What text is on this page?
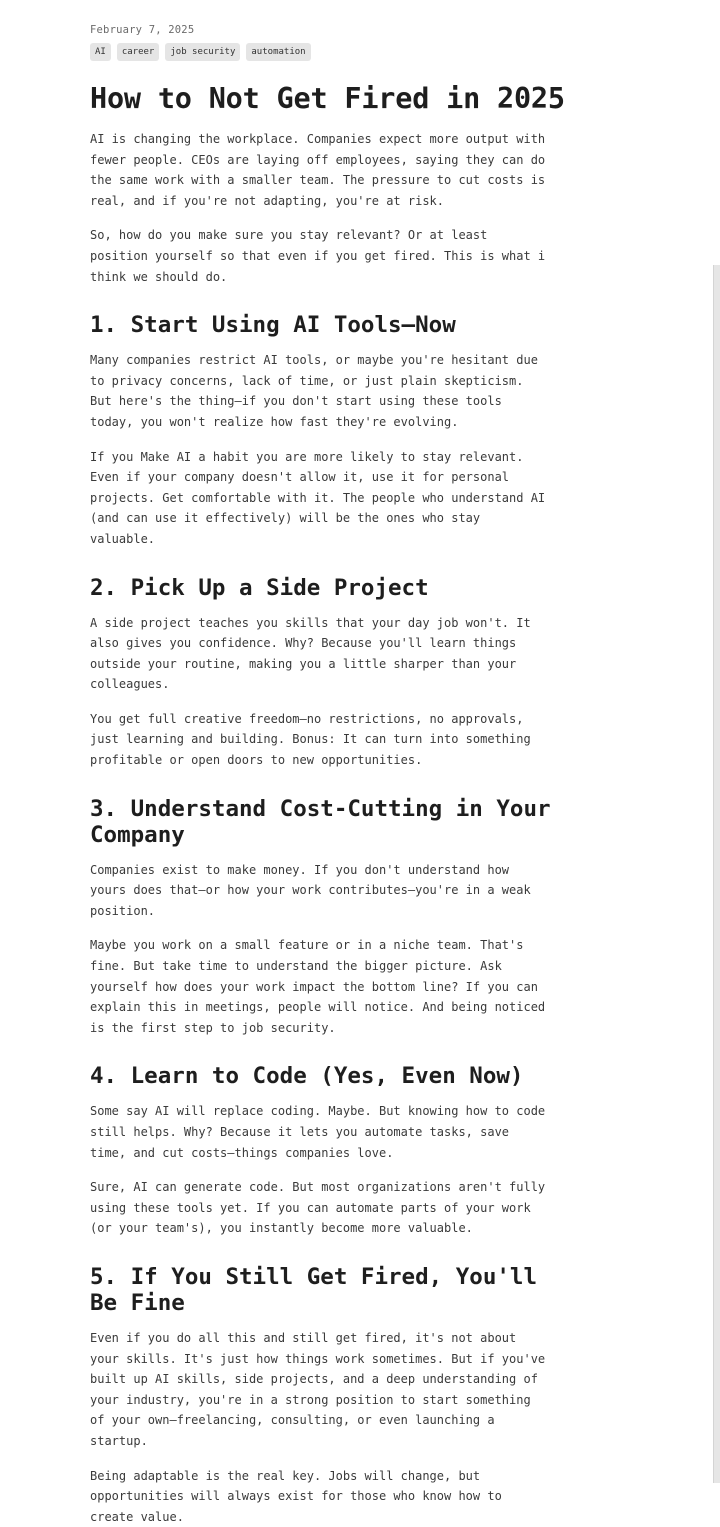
February 7, 2025
AI	career	job security	automation
How to Not Get Fired in 2025

AI is changing the workplace. Companies expect more output with fewer people. CEOs are laying off employees, saying they can do the same work with a smaller team. The pressure to cut costs is real, and if you're not adapting, you're at risk.

So, how do you make sure you stay relevant? Or at least position yourself so that even if you get fired. This is what i think we should do.

1. Start Using AI Tools—Now

Many companies restrict AI tools, or maybe you're hesitant due to privacy concerns, lack of time, or just plain skepticism. But here's the thing—if you don't start using these tools today, you won't realize how fast they're evolving.

If you Make AI a habit you are more likely to stay relevant. Even if your company doesn't allow it, use it for personal projects. Get comfortable with it. The people who understand AI (and can use it effectively) will be the ones who stay valuable.

2. Pick Up a Side Project

A side project teaches you skills that your day job won't. It also gives you confidence. Why? Because you'll learn things outside your routine, making you a little sharper than your colleagues.

You get full creative freedom—no restrictions, no approvals, just learning and building. Bonus: It can turn into something profitable or open doors to new opportunities.

3. Understand Cost-Cutting in Your Company

Companies exist to make money. If you don't understand how yours does that—or how your work contributes—you're in a weak position.

Maybe you work on a small feature or in a niche team. That's fine. But take time to understand the bigger picture. Ask yourself how does your work impact the bottom line? If you can explain this in meetings, people will notice. And being noticed is the first step to job security.

4. Learn to Code (Yes, Even Now)

Some say AI will replace coding. Maybe. But knowing how to code still helps. Why? Because it lets you automate tasks, save time, and cut costs—things companies love.

Sure, AI can generate code. But most organizations aren't fully using these tools yet. If you can automate parts of your work (or your team's), you instantly become more valuable.

5. If You Still Get Fired, You'll Be Fine

Even if you do all this and still get fired, it's not about your skills. It's just how things work sometimes. But if you've built up AI skills, side projects, and a deep understanding of your industry, you're in a strong position to start something of your own—freelancing, consulting, or even launching a startup.

Being adaptable is the real key. Jobs will change, but opportunities will always exist for those who know how to create value.
